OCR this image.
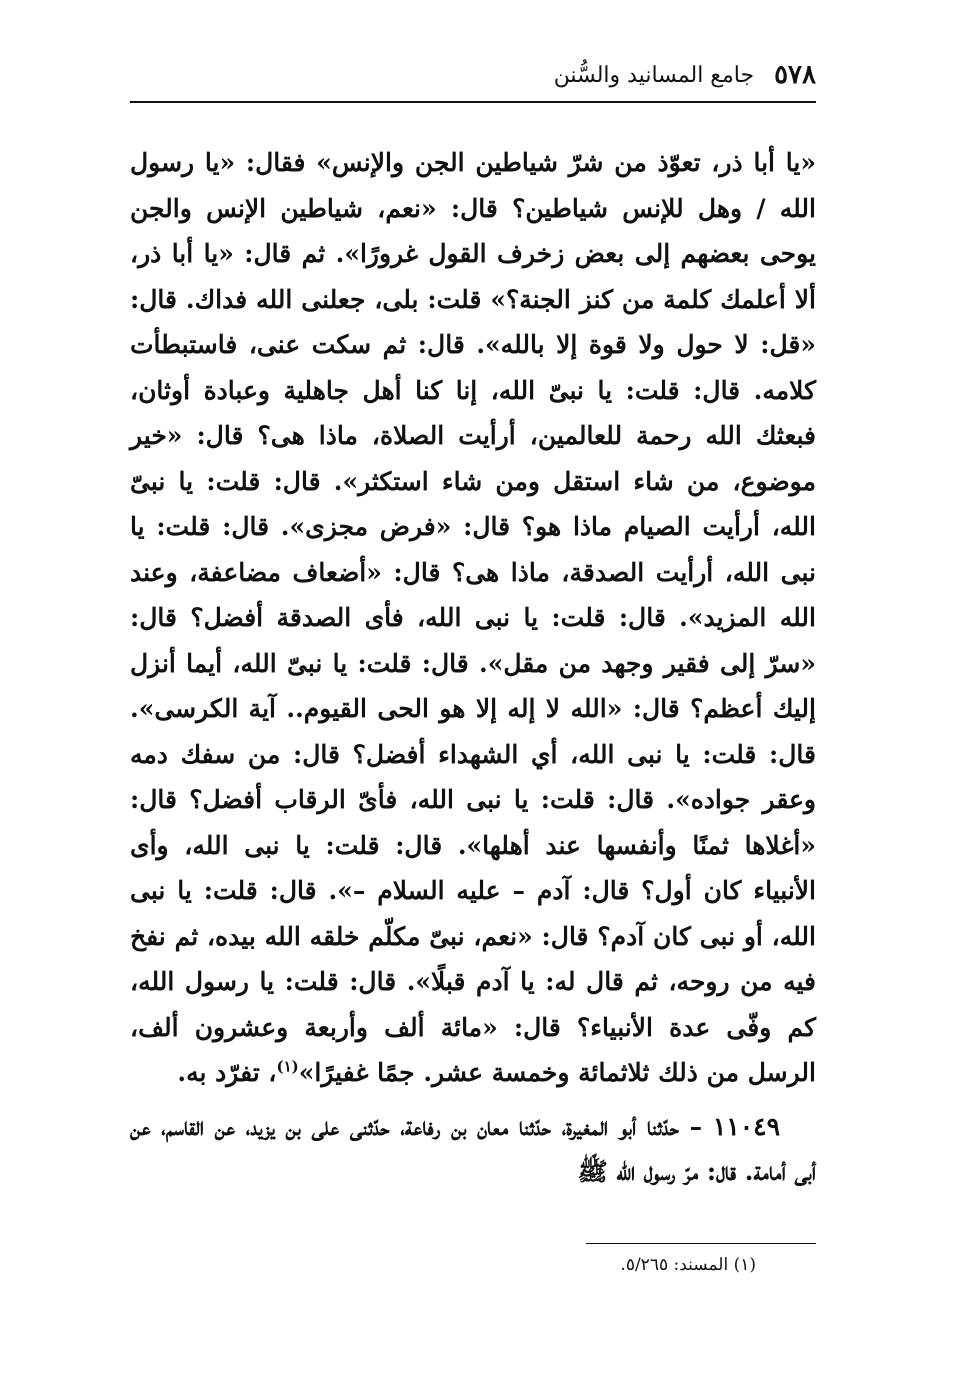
٥٧٨
جامع المسانيد والسُّنن

«يا أبا ذر، تعوّذ من شرّ شياطين الجن والإنس» فقال: «يا رسول الله / وهل للإنس شياطين؟ قال: «نعم، شياطين الإنس والجن يوحى بعضهم إلى بعض زخرف القول غرورًا». ثم قال: «يا أبا ذر، ألا أعلمك كلمة من كنز الجنة؟» قلت: بلى، جعلنى الله فداك. قال: «قل: لا حول ولا قوة إلا بالله». قال: ثم سكت عنى، فاستبطأت كلامه. قال: قلت: يا نبىّ الله، إنا كنا أهل جاهلية وعبادة أوثان، فبعثك الله رحمة للعالمين، أرأيت الصلاة، ماذا هى؟ قال: «خير موضوع، من شاء استقل ومن شاء استكثر». قال: قلت: يا نبىّ الله، أرأيت الصيام ماذا هو؟ قال: «فرض مجزى». قال: قلت: يا نبى الله، أرأيت الصدقة، ماذا هى؟ قال: «أضعاف مضاعفة، وعند الله المزيد». قال: قلت: يا نبى الله، فأى الصدقة أفضل؟ قال: «سرّ إلى فقير وجهد من مقل». قال: قلت: يا نبىّ الله، أيما أنزل إليك أعظم؟ قال: «الله لا إله إلا هو الحى القيوم.. آية الكرسى». قال: قلت: يا نبى الله، أي الشهداء أفضل؟ قال: من سفك دمه وعقر جواده». قال: قلت: يا نبى الله، فأىّ الرقاب أفضل؟ قال: «أغلاها ثمنًا وأنفسها عند أهلها». قال: قلت: يا نبى الله، وأى الأنبياء كان أول؟ قال: آدم – عليه السلام –». قال: قلت: يا نبى الله، أو نبى كان آدم؟ قال: «نعم، نبىّ مكلّم خلقه الله بيده، ثم نفخ فيه من روحه، ثم قال له: يا آدم قبلًا». قال: قلت: يا رسول الله، كم وفّى عدة الأنبياء؟ قال: «مائة ألف وأربعة وعشرون ألف، الرسل من ذلك ثلاثمائة وخمسة عشر. جمًا غفيرًا»$^{(١)}$، تفرّد به.

١١٠٤٩ – حدّثنا أبو المغيرة، حدّثنا معان بن رفاعة، حدّثنى على بن يزيد، عن القاسم، عن أبى أمامة. قال: مرّ رسول الله ﷺ

(١) المسند: ٥/٢٦٥.
